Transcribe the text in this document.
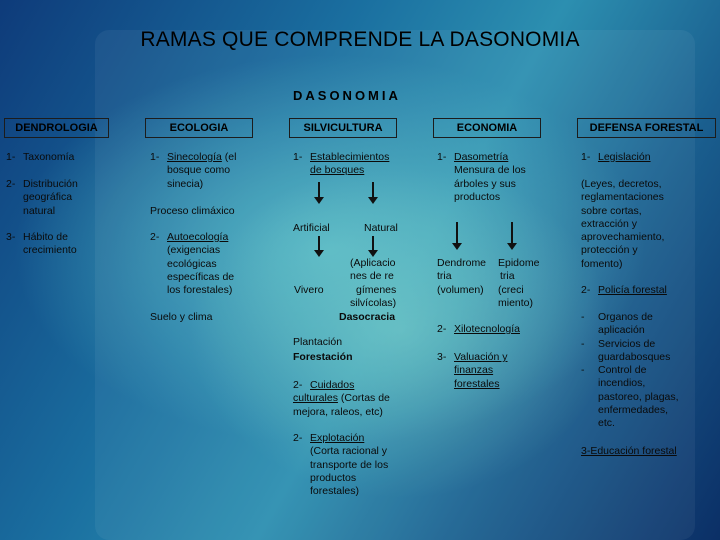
RAMAS QUE COMPRENDE LA DASONOMIA
DASONOMIA
DENDROLOGIA	ECOLOGIA	SILVICULTURA	ECONOMIA	DEFENSA FORESTAL
1- Taxonomía
2- Distribución
geográfica
natural
3- Hábito de
crecimiento
1- Sinecología (el
bosque como
sinecia)
Proceso climáxico
2- Autoecología
(exigencias
ecológicas
específicas de
los forestales)
Suelo y clima
1- Establecimientos
de bosques
Artificial	Natural
(Aplicacio
nes de re
gímenes
silvícolas)
Vivero
Dasocracia
Plantación
Forestación
2- Cuidados
culturales (Cortas de
mejora, raleos, etc)
2- Explotación
(Corta racional y
transporte de los
productos
forestales)
1- Dasometría
Mensura de los
árboles y sus
productos
Dendrome
tria
(volumen)
Epidome
tria
(creci
miento)
2- Xilotecnología
3- Valuación y
finanzas
forestales
1- Legislación
(Leyes, decretos,
reglamentaciones
sobre cortas,
extracción y
aprovechamiento,
protección y
fomento)
2- Policía forestal
- Organos de
aplicación
- Servicios de
guardabosques
- Control de
incendios,
pastoreo, plagas,
enfermedades,
etc.
3-Educación forestal
